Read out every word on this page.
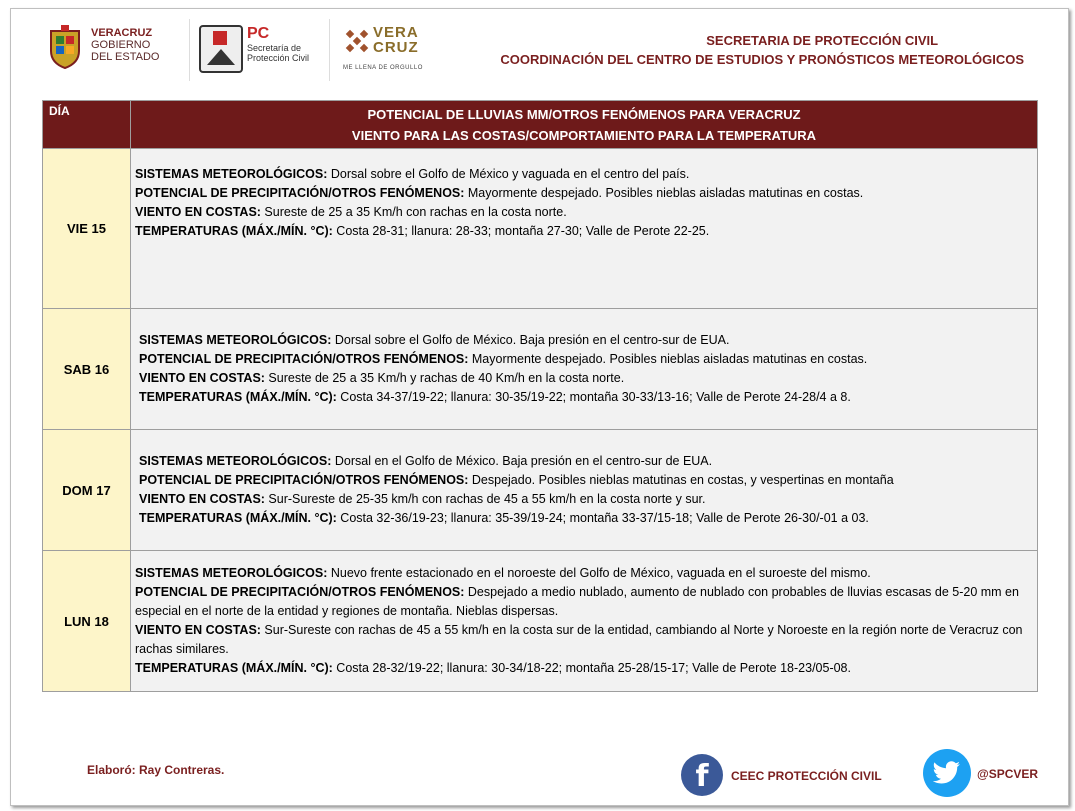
VERACRUZ
GOBIERNO
DEL ESTADO
PC
Secretaría de
Protección Civil
VERA
CRUZ
ME LLENA DE ORGULLO
SECRETARIA DE PROTECCIÓN CIVIL
COORDINACIÓN DEL CENTRO DE ESTUDIOS Y PRONÓSTICOS METEOROLÓGICOS
DÍA	POTENCIAL DE LLUVIAS MM/OTROS FENÓMENOS PARA VERACRUZ
VIENTO PARA LAS COSTAS/COMPORTAMIENTO PARA LA TEMPERATURA

VIE 15	SISTEMAS METEOROLÓGICOS: Dorsal sobre el Golfo de México y vaguada en el centro del país.
POTENCIAL DE PRECIPITACIÓN/OTROS FENÓMENOS: Mayormente despejado. Posibles nieblas aisladas matutinas en costas.
VIENTO EN COSTAS: Sureste de 25 a 35 Km/h con rachas en la costa norte.
TEMPERATURAS (MÁX./MÍN. °C): Costa 28-31; llanura: 28-33; montaña 27-30; Valle de Perote 22-25.

SAB 16	SISTEMAS METEOROLÓGICOS: Dorsal sobre el Golfo de México. Baja presión en el centro-sur de EUA.
POTENCIAL DE PRECIPITACIÓN/OTROS FENÓMENOS: Mayormente despejado. Posibles nieblas aisladas matutinas en costas.
VIENTO EN COSTAS: Sureste de 25 a 35 Km/h y rachas de 40 Km/h en la costa norte.
TEMPERATURAS (MÁX./MÍN. °C): Costa 34-37/19-22; llanura: 30-35/19-22; montaña 30-33/13-16; Valle de Perote 24-28/4 a 8.

DOM 17	SISTEMAS METEOROLÓGICOS: Dorsal en el Golfo de México. Baja presión en el centro-sur de EUA.
POTENCIAL DE PRECIPITACIÓN/OTROS FENÓMENOS: Despejado. Posibles nieblas matutinas en costas, y vespertinas en montaña
VIENTO EN COSTAS: Sur-Sureste de 25-35 km/h con rachas de 45 a 55 km/h en la costa norte y sur.
TEMPERATURAS (MÁX./MÍN. °C): Costa 32-36/19-23; llanura: 35-39/19-24; montaña 33-37/15-18; Valle de Perote 26-30/-01 a 03.

LUN 18	SISTEMAS METEOROLÓGICOS: Nuevo frente estacionado en el noroeste del Golfo de México, vaguada en el suroeste del mismo.
POTENCIAL DE PRECIPITACIÓN/OTROS FENÓMENOS: Despejado a medio nublado, aumento de nublado con probables de lluvias escasas de 5-20 mm en especial en el norte de la entidad y regiones de montaña. Nieblas dispersas.
VIENTO EN COSTAS: Sur-Sureste con rachas de 45 a 55 km/h en la costa sur de la entidad, cambiando al Norte y Noroeste en la región norte de Veracruz con rachas similares.
TEMPERATURAS (MÁX./MÍN. °C): Costa 28-32/19-22; llanura: 30-34/18-22; montaña 25-28/15-17; Valle de Perote 18-23/05-08.
Elaboró: Ray Contreras.	f	CEEC PROTECCIÓN CIVIL	@SPCVER
